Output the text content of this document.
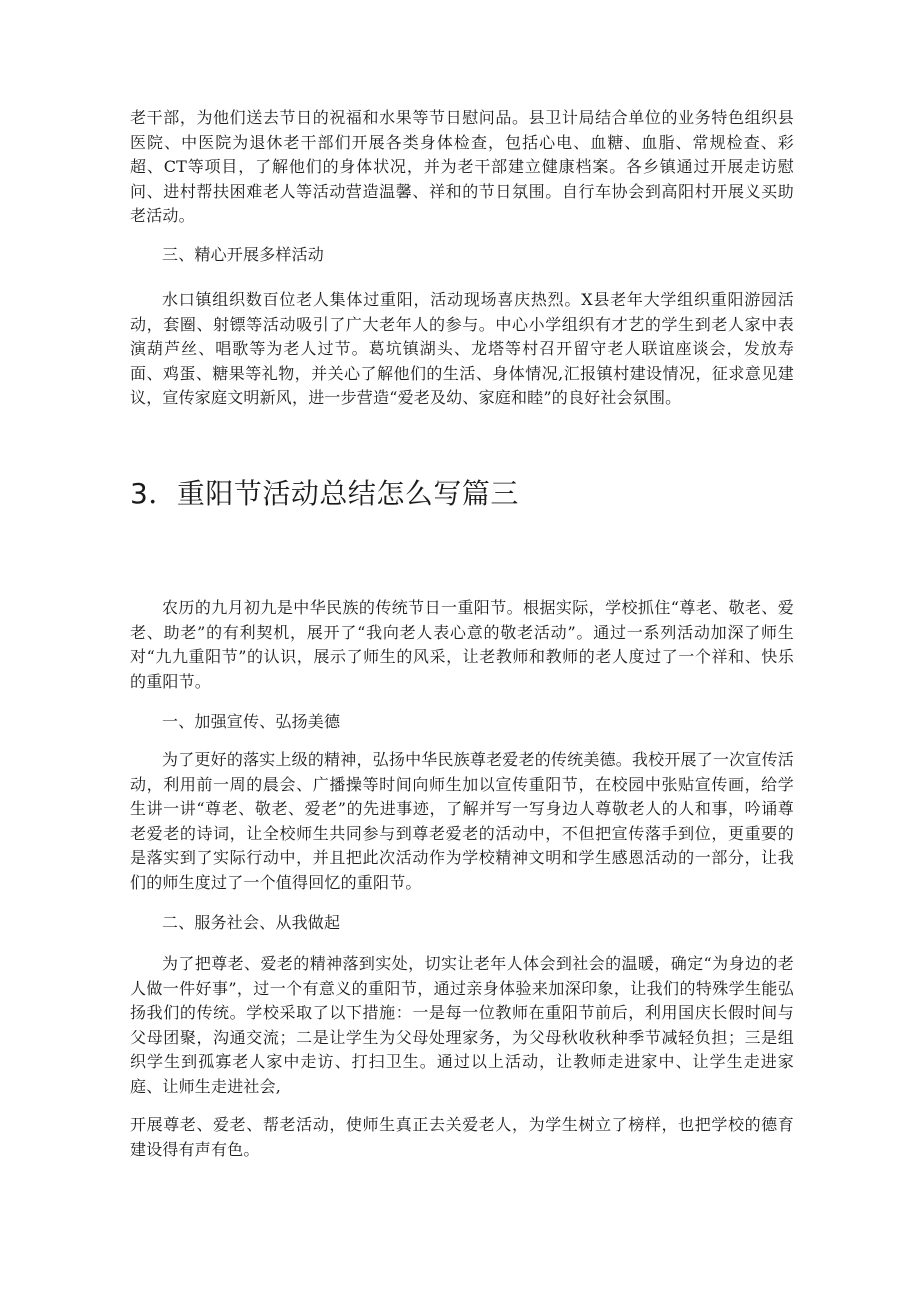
老干部，为他们送去节日的祝福和水果等节日慰问品。县卫计局结合单位的业务特色组织县医院、中医院为退休老干部们开展各类身体检查，包括心电、血糖、血脂、常规检查、彩超、CT等项目，了解他们的身体状况，并为老干部建立健康档案。各乡镇通过开展走访慰问、进村帮扶困难老人等活动营造温馨、祥和的节日氛围。自行车协会到高阳村开展义买助老活动。

三、精心开展多样活动

水口镇组织数百位老人集体过重阳，活动现场喜庆热烈。X县老年大学组织重阳游园活动，套圈、射镖等活动吸引了广大老年人的参与。中心小学组织有才艺的学生到老人家中表演葫芦丝、唱歌等为老人过节。葛坑镇湖头、龙塔等村召开留守老人联谊座谈会，发放寿面、鸡蛋、糖果等礼物，并关心了解他们的生活、身体情况,汇报镇村建设情况，征求意见建议，宣传家庭文明新风，进一步营造“爱老及幼、家庭和睦”的良好社会氛围。

3．重阳节活动总结怎么写篇三

农历的九月初九是中华民族的传统节日一重阳节。根据实际，学校抓住“尊老、敬老、爱老、助老”的有利契机，展开了“我向老人表心意的敬老活动”。通过一系列活动加深了师生对“九九重阳节”的认识，展示了师生的风采，让老教师和教师的老人度过了一个祥和、快乐的重阳节。

一、加强宣传、弘扬美德

为了更好的落实上级的精神，弘扬中华民族尊老爱老的传统美德。我校开展了一次宣传活动，利用前一周的晨会、广播操等时间向师生加以宣传重阳节，在校园中张贴宣传画，给学生讲一讲“尊老、敬老、爱老”的先进事迹，了解并写一写身边人尊敬老人的人和事，吟诵尊老爱老的诗词，让全校师生共同参与到尊老爱老的活动中，不但把宣传落手到位，更重要的是落实到了实际行动中，并且把此次活动作为学校精神文明和学生感恩活动的一部分，让我们的师生度过了一个值得回忆的重阳节。

二、服务社会、从我做起

为了把尊老、爱老的精神落到实处，切实让老年人体会到社会的温暖，确定“为身边的老人做一件好事”，过一个有意义的重阳节，通过亲身体验来加深印象，让我们的特殊学生能弘扬我们的传统。学校采取了以下措施：一是每一位教师在重阳节前后，利用国庆长假时间与父母团聚，沟通交流；二是让学生为父母处理家务，为父母秋收秋种季节减轻负担；三是组织学生到孤寡老人家中走访、打扫卫生。通过以上活动，让教师走进家中、让学生走进家庭、让师生走进社会,

开展尊老、爱老、帮老活动，使师生真正去关爱老人，为学生树立了榜样，也把学校的德育建设得有声有色。
